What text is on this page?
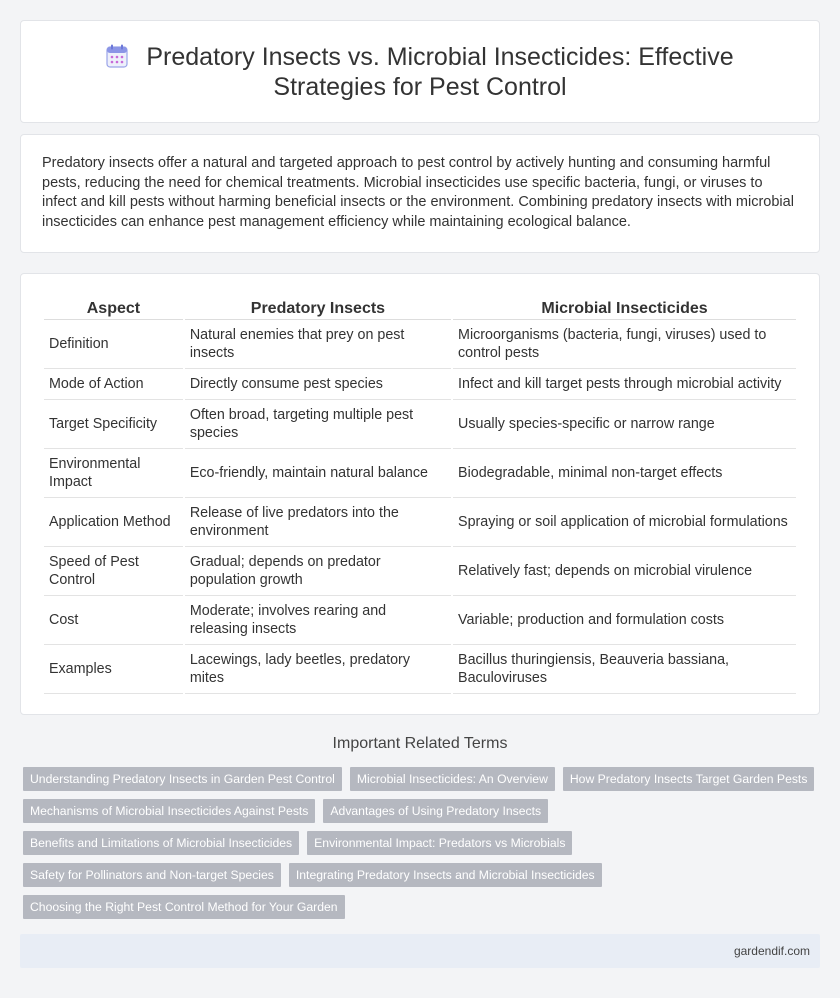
Predatory Insects vs. Microbial Insecticides: Effective Strategies for Pest Control

Predatory insects offer a natural and targeted approach to pest control by actively hunting and consuming harmful pests, reducing the need for chemical treatments. Microbial insecticides use specific bacteria, fungi, or viruses to infect and kill pests without harming beneficial insects or the environment. Combining predatory insects with microbial insecticides can enhance pest management efficiency while maintaining ecological balance.

Aspect	Predatory Insects	Microbial Insecticides
Definition	Natural enemies that prey on pest insects	Microorganisms (bacteria, fungi, viruses) used to control pests
Mode of Action	Directly consume pest species	Infect and kill target pests through microbial activity
Target Specificity	Often broad, targeting multiple pest species	Usually species-specific or narrow range
Environmental Impact	Eco-friendly, maintain natural balance	Biodegradable, minimal non-target effects
Application Method	Release of live predators into the environment	Spraying or soil application of microbial formulations
Speed of Pest Control	Gradual; depends on predator population growth	Relatively fast; depends on microbial virulence
Cost	Moderate; involves rearing and releasing insects	Variable; production and formulation costs
Examples	Lacewings, lady beetles, predatory mites	Bacillus thuringiensis, Beauveria bassiana, Baculoviruses
Important Related Terms
Understanding Predatory Insects in Garden Pest Control	Microbial Insecticides: An Overview	How Predatory Insects Target Garden Pests
Mechanisms of Microbial Insecticides Against Pests	Advantages of Using Predatory Insects
Benefits and Limitations of Microbial Insecticides	Environmental Impact: Predators vs Microbials
Safety for Pollinators and Non-target Species	Integrating Predatory Insects and Microbial Insecticides
Choosing the Right Pest Control Method for Your Garden
gardendif.com
